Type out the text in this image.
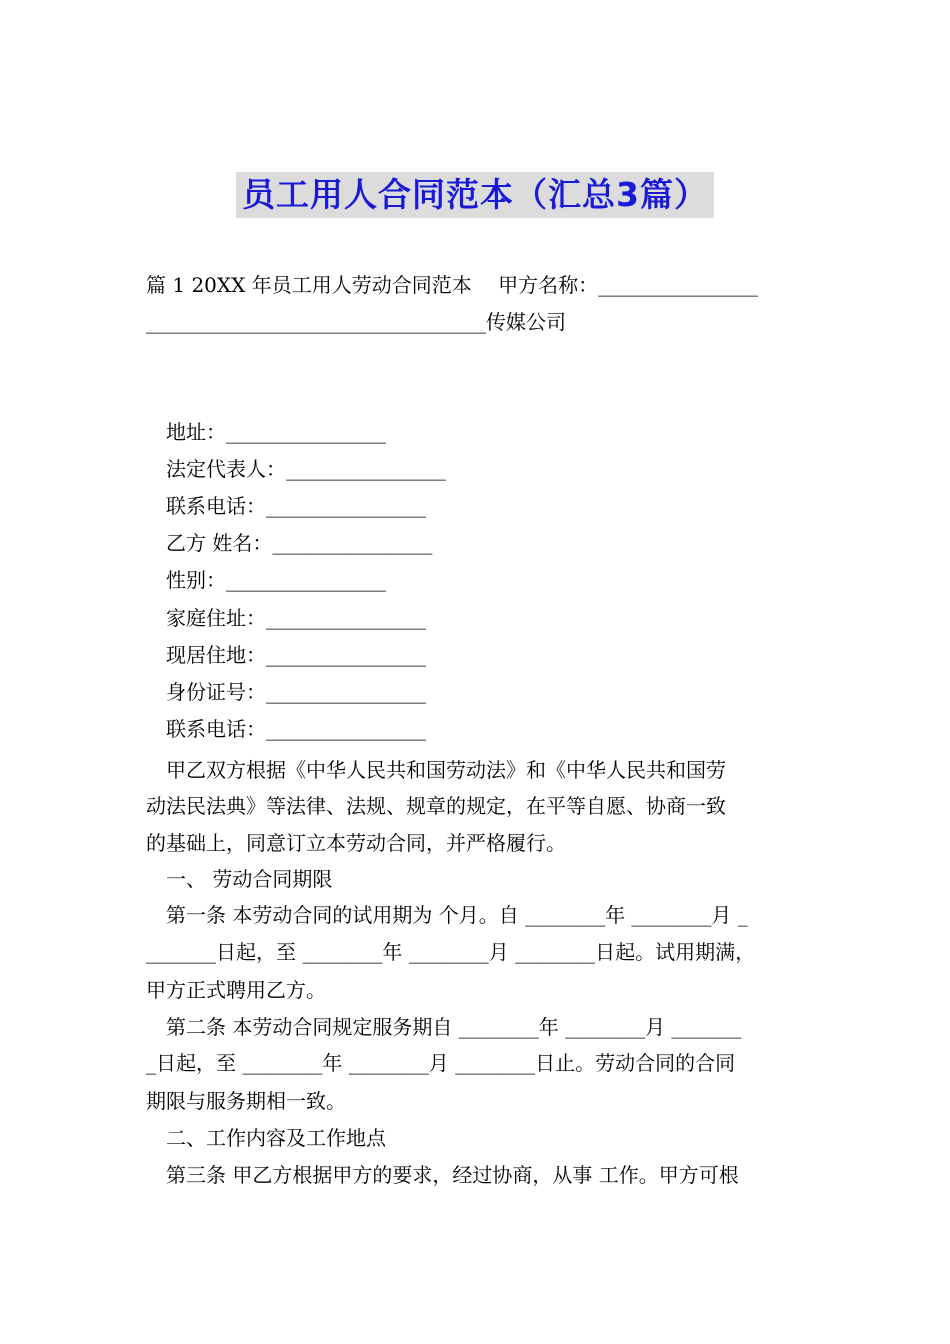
员工用人合同范本（汇总3篇）
篇 1 20XX 年员工用人劳动合同范本　 甲方名称：________________
__________________________________传媒公司
地址：________________
法定代表人：________________
联系电话：________________
乙方 姓名：________________
性别：________________
家庭住址：________________
现居住地：________________
身份证号：________________
联系电话：________________
甲乙双方根据《中华人民共和国劳动法》和《中华人民共和国劳
动法民法典》等法律、法规、规章的规定，在平等自愿、协商一致
的基础上，同意订立本劳动合同，并严格履行。
一、 劳动合同期限
第一条 本劳动合同的试用期为 个月。自 ________年 ________月 _
_______日起，至 ________年 ________月 ________日起。试用期满，
甲方正式聘用乙方。
第二条 本劳动合同规定服务期自 ________年 ________月 _______
_日起，至 ________年 ________月 ________日止。劳动合同的合同
期限与服务期相一致。
二、工作内容及工作地点
第三条 甲乙方根据甲方的要求，经过协商，从事 工作。甲方可根
